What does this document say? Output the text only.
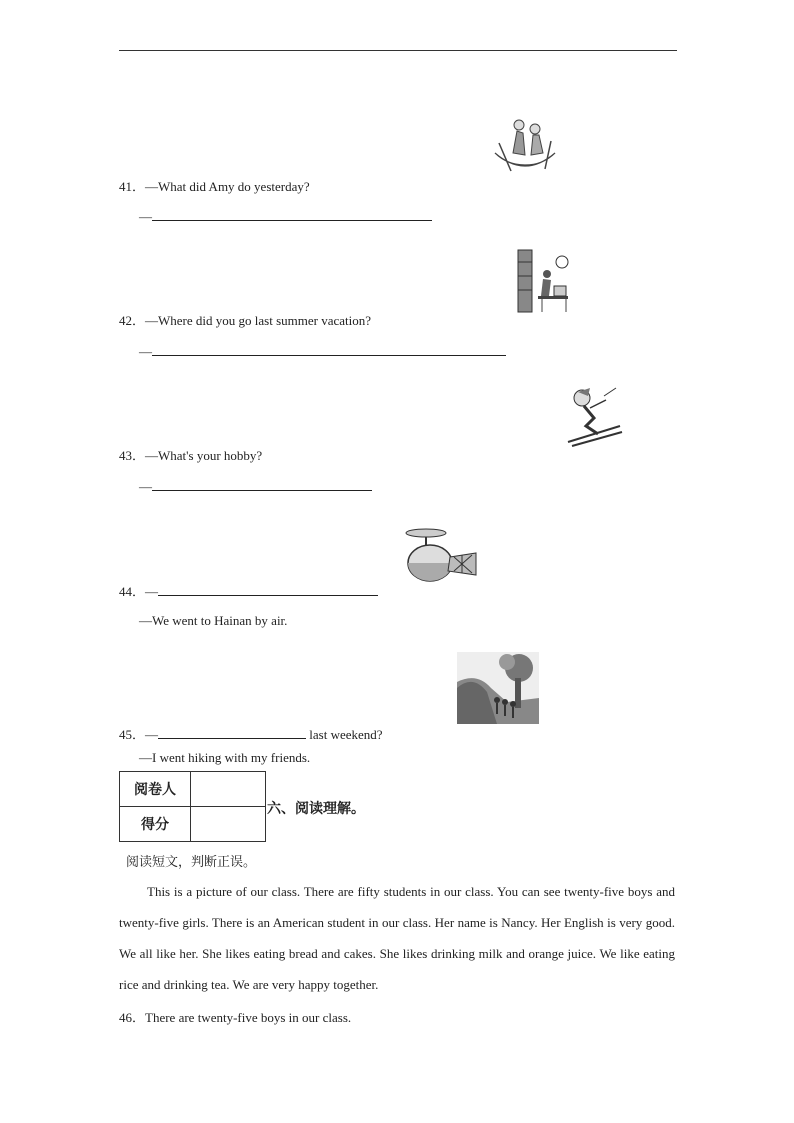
41．—What did Amy do yesterday?
—
42．—Where did you go last summer vacation?
—
43．—What's your hobby?
—
44．—
—We went to Hainan by air.
45．—	last weekend?
—I went hiking with my friends.
阅卷人	
得分	
六、阅读理解。
阅读短文，判断正误。
This is a picture of our class. There are fifty students in our class. You can see twenty-five boys and twenty-five girls. There is an American student in our class. Her name is Nancy. Her English is very good. We all like her. She likes eating bread and cakes. She likes drinking milk and orange juice. We like eating rice and drinking tea. We are very happy together.
46．There are twenty-five boys in our class.
